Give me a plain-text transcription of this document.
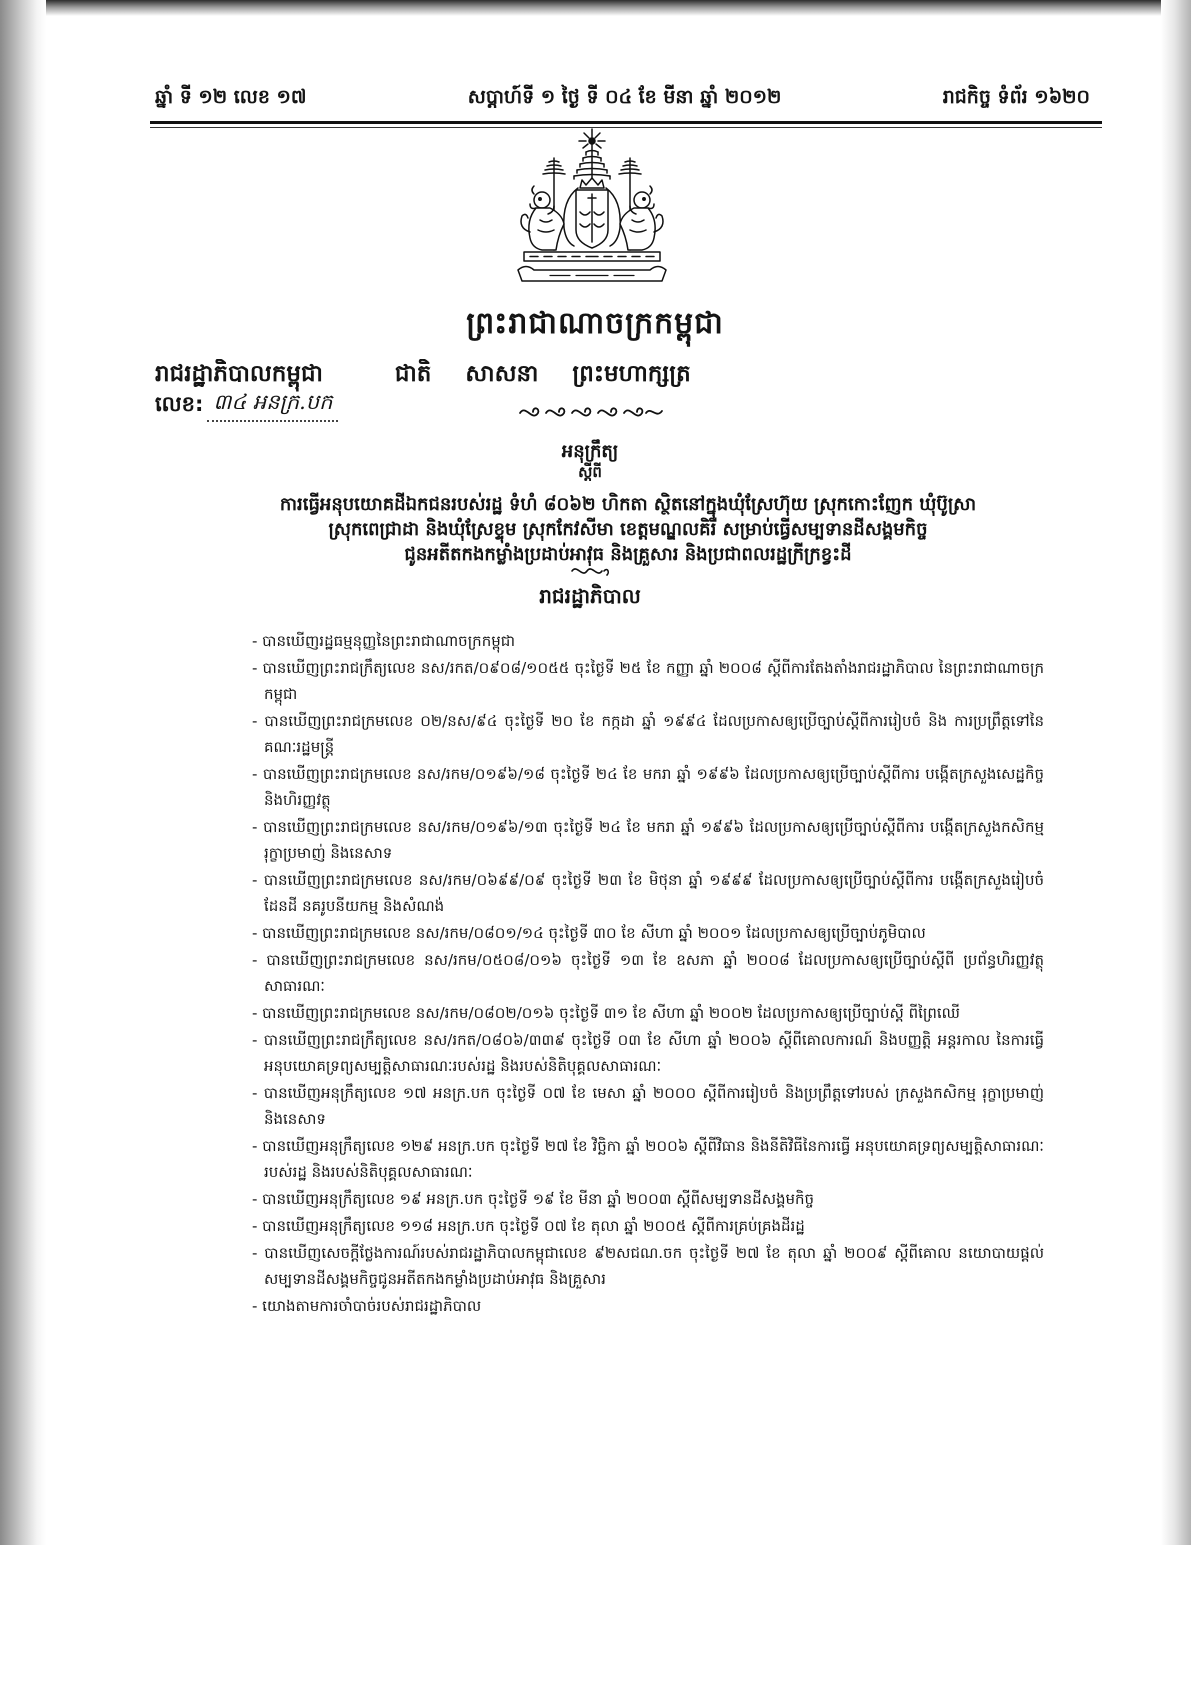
ឆ្នាំ ទី ១២ លេខ ១៧	សប្តាហ៍ទី ១ ថ្ងៃ ទី ០៤ ខែ មីនា ឆ្នាំ ២០១២	រាជកិច្ច ទំព័រ ១៦២០
ព្រះរាជាណាចក្រកម្ពុជា
រាជរដ្ឋាភិបាលកម្ពុជា	ជាតិ សាសនា ព្រះមហាក្សត្រ
លេខ: ៣៤ អនក្រ.បក
អនុក្រឹត្យ
ស្តីពី
ការធ្វើអនុបយោគដីឯកជនរបស់រដ្ឋ ទំហំ ៨០៦២ ហិកតា ស្ថិតនៅក្នុងឃុំស្រែហ៊ុយ ស្រុកកោះញែក ឃុំប៊ូស្រា
ស្រុកពេជ្រាដា និងឃុំស្រែខ្ទុម ស្រុកកែវសីមា ខេត្តមណ្ឌលគិរី សម្រាប់ធ្វើសម្បទានដីសង្គមកិច្ច
ជូនអតីតកងកម្លាំងប្រដាប់អាវុធ និងគ្រួសារ និងប្រជាពលរដ្ឋក្រីក្រខ្វះដី
រាជរដ្ឋាភិបាល

- បានឃើញរដ្ឋធម្មនុញ្ញនៃព្រះរាជាណាចក្រកម្ពុជា

- បានឃើញព្រះរាជក្រឹត្យលេខ នស/រកត/០៩០៨/១០៥៥ ចុះថ្ងៃទី ២៥ ខែ កញ្ញា ឆ្នាំ ២០០៨ ស្តីពីការតែងតាំងរាជរដ្ឋាភិបាល នៃព្រះរាជាណាចក្រកម្ពុជា

- បានឃើញព្រះរាជក្រមលេខ ០២/នស/៩៤ ចុះថ្ងៃទី ២០ ខែ កក្កដា ឆ្នាំ ១៩៩៤ ដែលប្រកាសឲ្យប្រើច្បាប់ស្តីពីការរៀបចំ និង ការប្រព្រឹត្តទៅនៃគណៈរដ្ឋមន្ត្រី

- បានឃើញព្រះរាជក្រមលេខ នស/រកម/០១៩៦/១៨ ចុះថ្ងៃទី ២៤ ខែ មករា ឆ្នាំ ១៩៩៦ ដែលប្រកាសឲ្យប្រើច្បាប់ស្តីពីការ បង្កើតក្រសួងសេដ្ឋកិច្ច និងហិរញ្ញវត្ថុ

- បានឃើញព្រះរាជក្រមលេខ នស/រកម/០១៩៦/១៣ ចុះថ្ងៃទី ២៤ ខែ មករា ឆ្នាំ ១៩៩៦ ដែលប្រកាសឲ្យប្រើច្បាប់ស្តីពីការ បង្កើតក្រសួងកសិកម្ម រុក្ខាប្រមាញ់ និងនេសាទ

- បានឃើញព្រះរាជក្រមលេខ នស/រកម/០៦៩៩/០៩ ចុះថ្ងៃទី ២៣ ខែ មិថុនា ឆ្នាំ ១៩៩៩ ដែលប្រកាសឲ្យប្រើច្បាប់ស្តីពីការ បង្កើតក្រសួងរៀបចំដែនដី នគរូបនីយកម្ម និងសំណង់

- បានឃើញព្រះរាជក្រមលេខ នស/រកម/០៨០១/១៤ ចុះថ្ងៃទី ៣០ ខែ សីហា ឆ្នាំ ២០០១ ដែលប្រកាសឲ្យប្រើច្បាប់ភូមិបាល

- បានឃើញព្រះរាជក្រមលេខ នស/រកម/០៥០៨/០១៦ ចុះថ្ងៃទី ១៣ ខែ ឧសភា ឆ្នាំ ២០០៨ ដែលប្រកាសឲ្យប្រើច្បាប់ស្តីពី ប្រព័ន្ធហិរញ្ញវត្ថុសាធារណៈ

- បានឃើញព្រះរាជក្រមលេខ នស/រកម/០៨០២/០១៦ ចុះថ្ងៃទី ៣១ ខែ សីហា ឆ្នាំ ២០០២ ដែលប្រកាសឲ្យប្រើច្បាប់ស្តី ពីព្រៃឈើ

- បានឃើញព្រះរាជក្រឹត្យលេខ នស/រកត/០៨០៦/៣៣៩ ចុះថ្ងៃទី ០៣ ខែ សីហា ឆ្នាំ ២០០៦ ស្តីពីគោលការណ៍ និងបញ្ញត្តិ អន្តរកាល នៃការធ្វើអនុបយោគទ្រព្យសម្បត្តិសាធារណៈរបស់រដ្ឋ និងរបស់និតិបុគ្គលសាធារណៈ

- បានឃើញអនុក្រឹត្យលេខ ១៧ អនក្រ.បក ចុះថ្ងៃទី ០៧ ខែ មេសា ឆ្នាំ ២០០០ ស្តីពីការរៀបចំ និងប្រព្រឹត្តទៅរបស់ ក្រសួងកសិកម្ម រុក្ខាប្រមាញ់ និងនេសាទ

- បានឃើញអនុក្រឹត្យលេខ ១២៩ អនក្រ.បក ចុះថ្ងៃទី ២៧ ខែ វិច្ឆិកា ឆ្នាំ ២០០៦ ស្តីពីវិធាន និងនីតិវិធីនៃការធ្វើ អនុបយោគទ្រព្យសម្បត្តិសាធារណៈរបស់រដ្ឋ និងរបស់និតិបុគ្គលសាធារណៈ

- បានឃើញអនុក្រឹត្យលេខ ១៩ អនក្រ.បក ចុះថ្ងៃទី ១៩ ខែ មីនា ឆ្នាំ ២០០៣ ស្តីពីសម្បទានដីសង្គមកិច្ច

- បានឃើញអនុក្រឹត្យលេខ ១១៨ អនក្រ.បក ចុះថ្ងៃទី ០៧ ខែ តុលា ឆ្នាំ ២០០៥ ស្តីពីការគ្រប់គ្រងដីរដ្ឋ

- បានឃើញសេចក្តីថ្លែងការណ៍របស់រាជរដ្ឋាភិបាលកម្ពុជាលេខ ៩២សជណ.ចក ចុះថ្ងៃទី ២៧ ខែ តុលា ឆ្នាំ ២០០៩ ស្តីពីគោល នយោបាយផ្តល់សម្បទានដីសង្គមកិច្ចជូនអតីតកងកម្លាំងប្រដាប់អាវុធ និងគ្រួសារ

- យោងតាមការចាំបាច់របស់រាជរដ្ឋាភិបាល
